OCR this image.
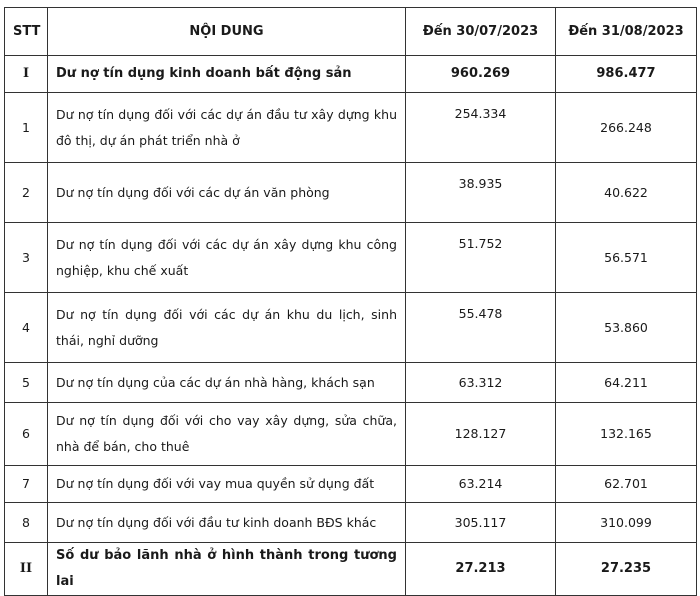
STT	NỘI DUNG	Đến 30/07/2023	Đến 31/08/2023
I	Dư nợ tín dụng kinh doanh bất động sản	960.269	986.477
1	Dư nợ tín dụng đối với các dự án đầu tư xây dựng khu đô thị, dự án phát triển nhà ở	254.334	266.248
2	Dư nợ tín dụng đối với các dự án văn phòng	38.935	40.622
3	Dư nợ tín dụng đối với các dự án xây dựng khu công nghiệp, khu chế xuất	51.752	56.571
4	Dư nợ tín dụng đối với các dự án khu du lịch, sinh thái, nghỉ dưỡng	55.478	53.860
5	Dư nợ tín dụng của các dự án nhà hàng, khách sạn	63.312	64.211
6	Dư nợ tín dụng đối với cho vay xây dựng, sửa chữa, nhà để bán, cho thuê	128.127	132.165
7	Dư nợ tín dụng đối với vay mua quyền sử dụng đất	63.214	62.701
8	Dư nợ tín dụng đối với đầu tư kinh doanh BĐS khác	305.117	310.099
II	Số dư bảo lãnh nhà ở hình thành trong tương lai	27.213	27.235
